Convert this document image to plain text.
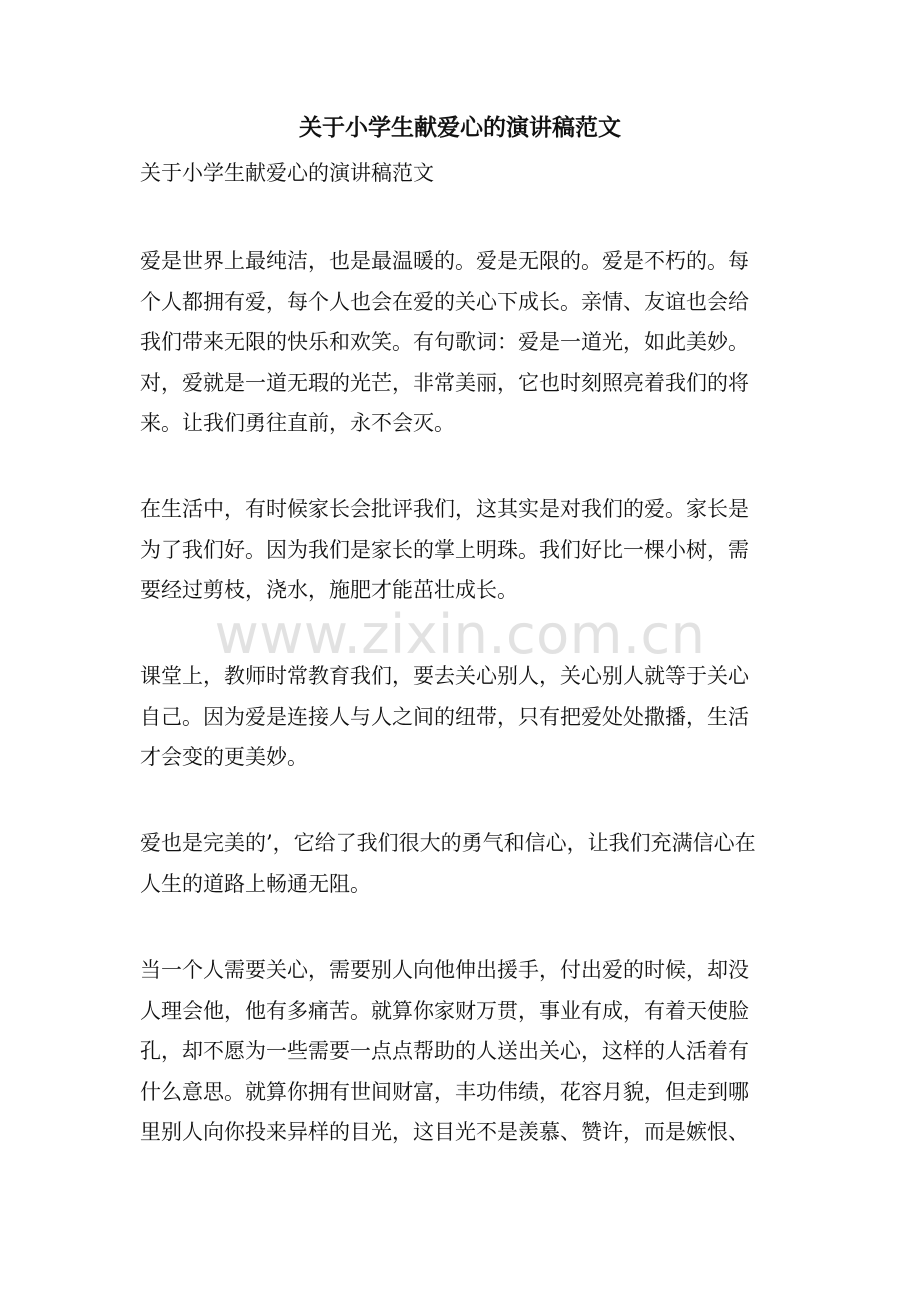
www.zixin.com.cn
关于小学生献爱心的演讲稿范文

关于小学生献爱心的演讲稿范文

爱是世界上最纯洁，也是最温暖的。爱是无限的。爱是不朽的。每
个人都拥有爱，每个人也会在爱的关心下成长。亲情、友谊也会给
我们带来无限的快乐和欢笑。有句歌词：爱是一道光，如此美妙。
对，爱就是一道无瑕的光芒，非常美丽，它也时刻照亮着我们的将
来。让我们勇往直前，永不会灭。
在生活中，有时候家长会批评我们，这其实是对我们的爱。家长是
为了我们好。因为我们是家长的掌上明珠。我们好比一棵小树，需
要经过剪枝，浇水，施肥才能茁壮成长。
课堂上，教师时常教育我们，要去关心别人，关心别人就等于关心
自己。因为爱是连接人与人之间的纽带，只有把爱处处撒播，生活
才会变的更美妙。
爱也是完美的’，它给了我们很大的勇气和信心，让我们充满信心在
人生的道路上畅通无阻。
当一个人需要关心，需要别人向他伸出援手，付出爱的时候，却没
人理会他，他有多痛苦。就算你家财万贯，事业有成，有着天使脸
孔，却不愿为一些需要一点点帮助的人送出关心，这样的人活着有
什么意思。就算你拥有世间财富，丰功伟绩，花容月貌，但走到哪
里别人向你投来异样的目光，这目光不是羡慕、赞许，而是嫉恨、
